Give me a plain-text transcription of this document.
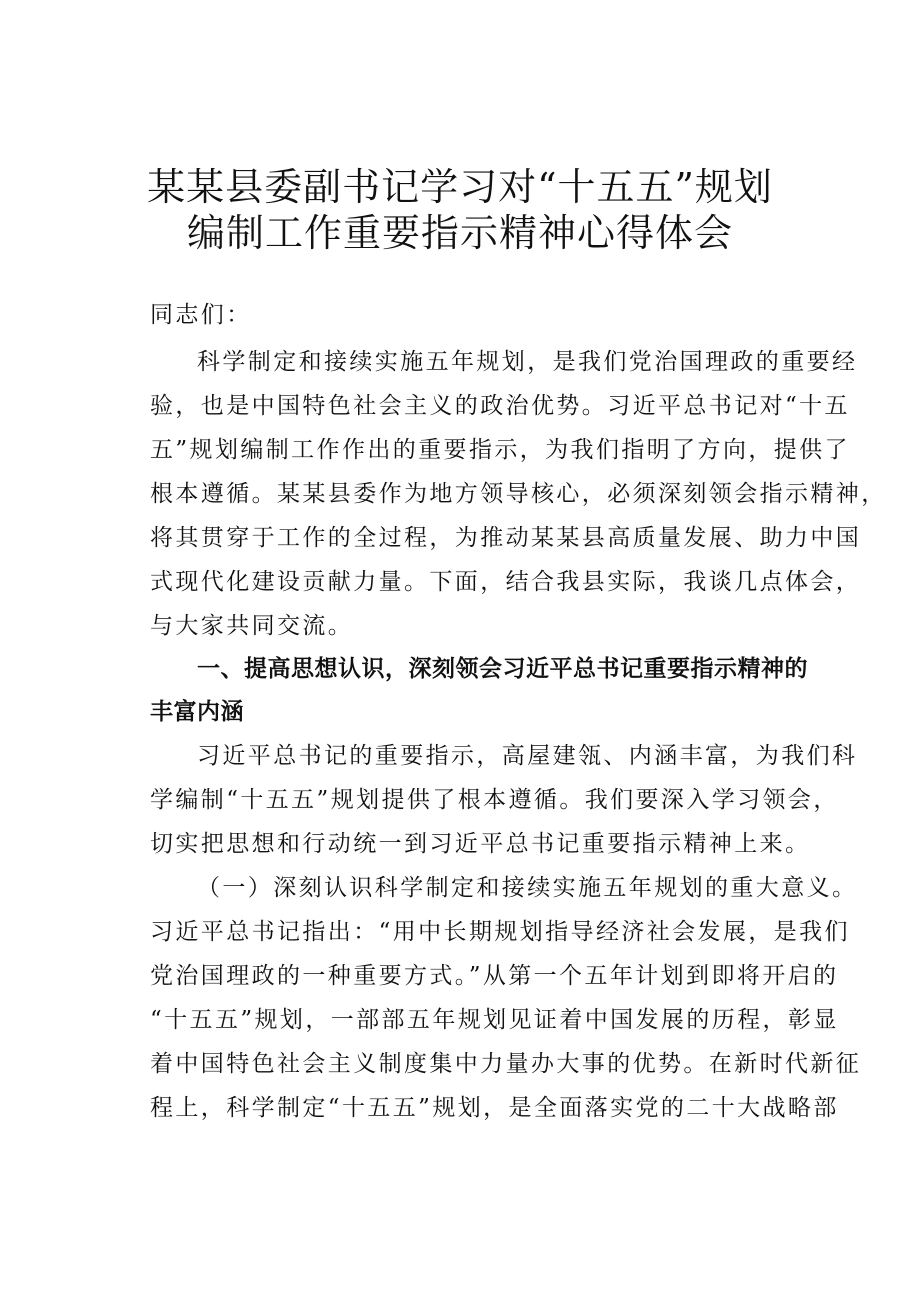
某某县委副书记学习对“十五五”规划
编制工作重要指示精神心得体会
同志们：
科学制定和接续实施五年规划，是我们党治国理政的重要经
验，也是中国特色社会主义的政治优势。习近平总书记对“十五
五”规划编制工作作出的重要指示，为我们指明了方向，提供了
根本遵循。某某县委作为地方领导核心，必须深刻领会指示精神，
将其贯穿于工作的全过程，为推动某某县高质量发展、助力中国
式现代化建设贡献力量。下面，结合我县实际，我谈几点体会，
与大家共同交流。
一、提高思想认识，深刻领会习近平总书记重要指示精神的
丰富内涵
习近平总书记的重要指示，高屋建瓴、内涵丰富，为我们科
学编制“十五五”规划提供了根本遵循。我们要深入学习领会，
切实把思想和行动统一到习近平总书记重要指示精神上来。
（一）深刻认识科学制定和接续实施五年规划的重大意义。
习近平总书记指出：“用中长期规划指导经济社会发展，是我们
党治国理政的一种重要方式。”从第一个五年计划到即将开启的
“十五五”规划，一部部五年规划见证着中国发展的历程，彰显
着中国特色社会主义制度集中力量办大事的优势。在新时代新征
程上，科学制定“十五五”规划，是全面落实党的二十大战略部
